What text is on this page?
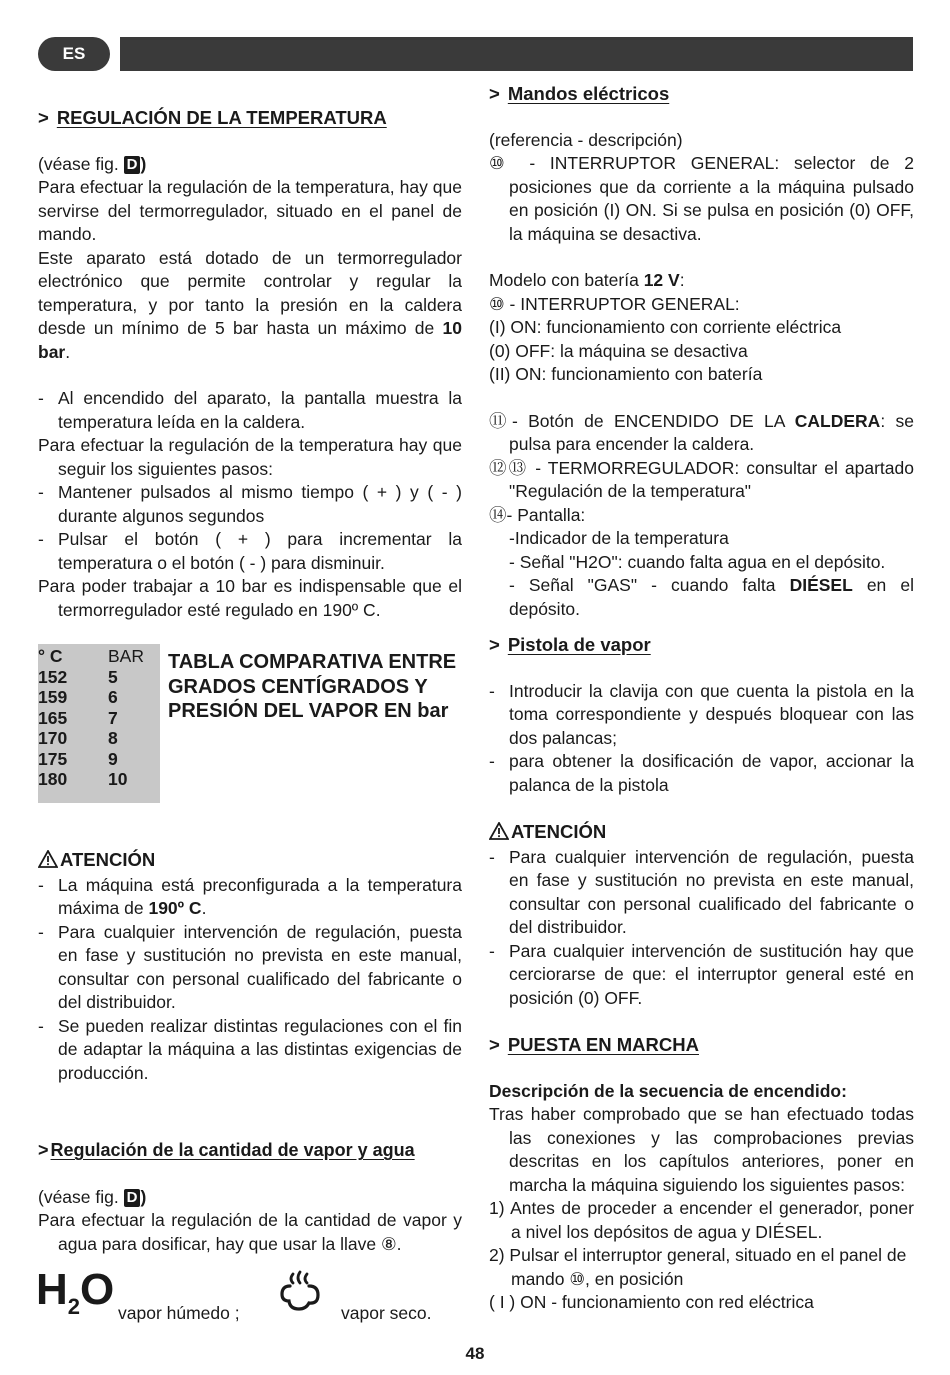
ES
> REGULACIÓN DE LA TEMPERATURA

(véase fig. D )

Para efectuar la regulación de la temperatura, hay que servirse del termorregulador, situado en el panel de mando.

Este aparato está dotado de un termorregulador electrónico que permite controlar y regular la temperatura, y por tanto la presión en la caldera desde un mínimo de 5 bar hasta un máximo de 10 bar.

- Al encendido del aparato, la pantalla muestra la temperatura leída en la caldera.

Para efectuar la regulación de la temperatura hay que seguir los siguientes pasos:

- Mantener pulsados al mismo tiempo ( + ) y ( - ) durante algunos segundos

- Pulsar el botón ( + ) para incrementar la temperatura o el botón ( - ) para disminuir.

Para poder trabajar a 10 bar es indispensable que el termorregulador esté regulado en 190º C.

° C	BAR
152	5
159	6
165	7
170	8
175	9
180	10
TABLA COMPARATIVA ENTRE GRADOS CENTÍGRADOS Y PRESIÓN DEL VAPOR EN bar

ATENCIÓN

- La máquina está preconfigurada a la temperatura máxima de 190º C.

- Para cualquier intervención de regulación, puesta en fase y sustitución no prevista en este manual, consultar con personal cualificado del fabricante o del distribuidor.

- Se pueden realizar distintas regulaciones con el fin de adaptar la máquina a las distintas exigencias de producción.

> Regulación de la cantidad de vapor y agua

(véase fig. D )

Para efectuar la regulación de la cantidad de vapor y agua para dosificar, hay que usar la llave ⑧.

$H_2O$ vapor húmedo ;	vapor seco.
> Mandos eléctricos

(referencia - descripción)

⑩ - INTERRUPTOR GENERAL: selector de 2 posiciones que da corriente a la máquina pulsado en posición (I) ON. Si se pulsa en posición (0) OFF, la máquina se desactiva.

Modelo con batería 12 V:

⑩ - INTERRUPTOR GENERAL:

(I) ON: funcionamiento con corriente eléctrica

(0) OFF: la máquina se desactiva

(II) ON: funcionamiento con batería

⑪- Botón de ENCENDIDO DE LA CALDERA: se pulsa para encender la caldera.

⑫⑬ - TERMORREGULADOR: consultar el apartado "Regulación de la temperatura"

⑭- Pantalla:

-Indicador de la temperatura

- Señal "H2O": cuando falta agua en el depósito.

- Señal "GAS" - cuando falta DIÉSEL en el depósito.

> Pistola de vapor

- Introducir la clavija con que cuenta la pistola en la toma correspondiente y después bloquear con las dos palancas;

- para obtener la dosificación de vapor, accionar la palanca de la pistola

ATENCIÓN

- Para cualquier intervención de regulación, puesta en fase y sustitución no prevista en este manual, consultar con personal cualificado del fabricante o del distribuidor.

- Para cualquier intervención de sustitución hay que cerciorarse de que: el interruptor general esté en posición (0) OFF.

> PUESTA EN MARCHA

Descripción de la secuencia de encendido:

Tras haber comprobado que se han efectuado todas las conexiones y las comprobaciones previas descritas en los capítulos anteriores, poner en marcha la máquina siguiendo los siguientes pasos:

1) Antes de proceder a encender el generador, poner a nivel los depósitos de agua y DIÉSEL.

2) Pulsar el interruptor general, situado en el panel de mando ⑩, en posición

( I ) ON - funcionamiento con red eléctrica

48
